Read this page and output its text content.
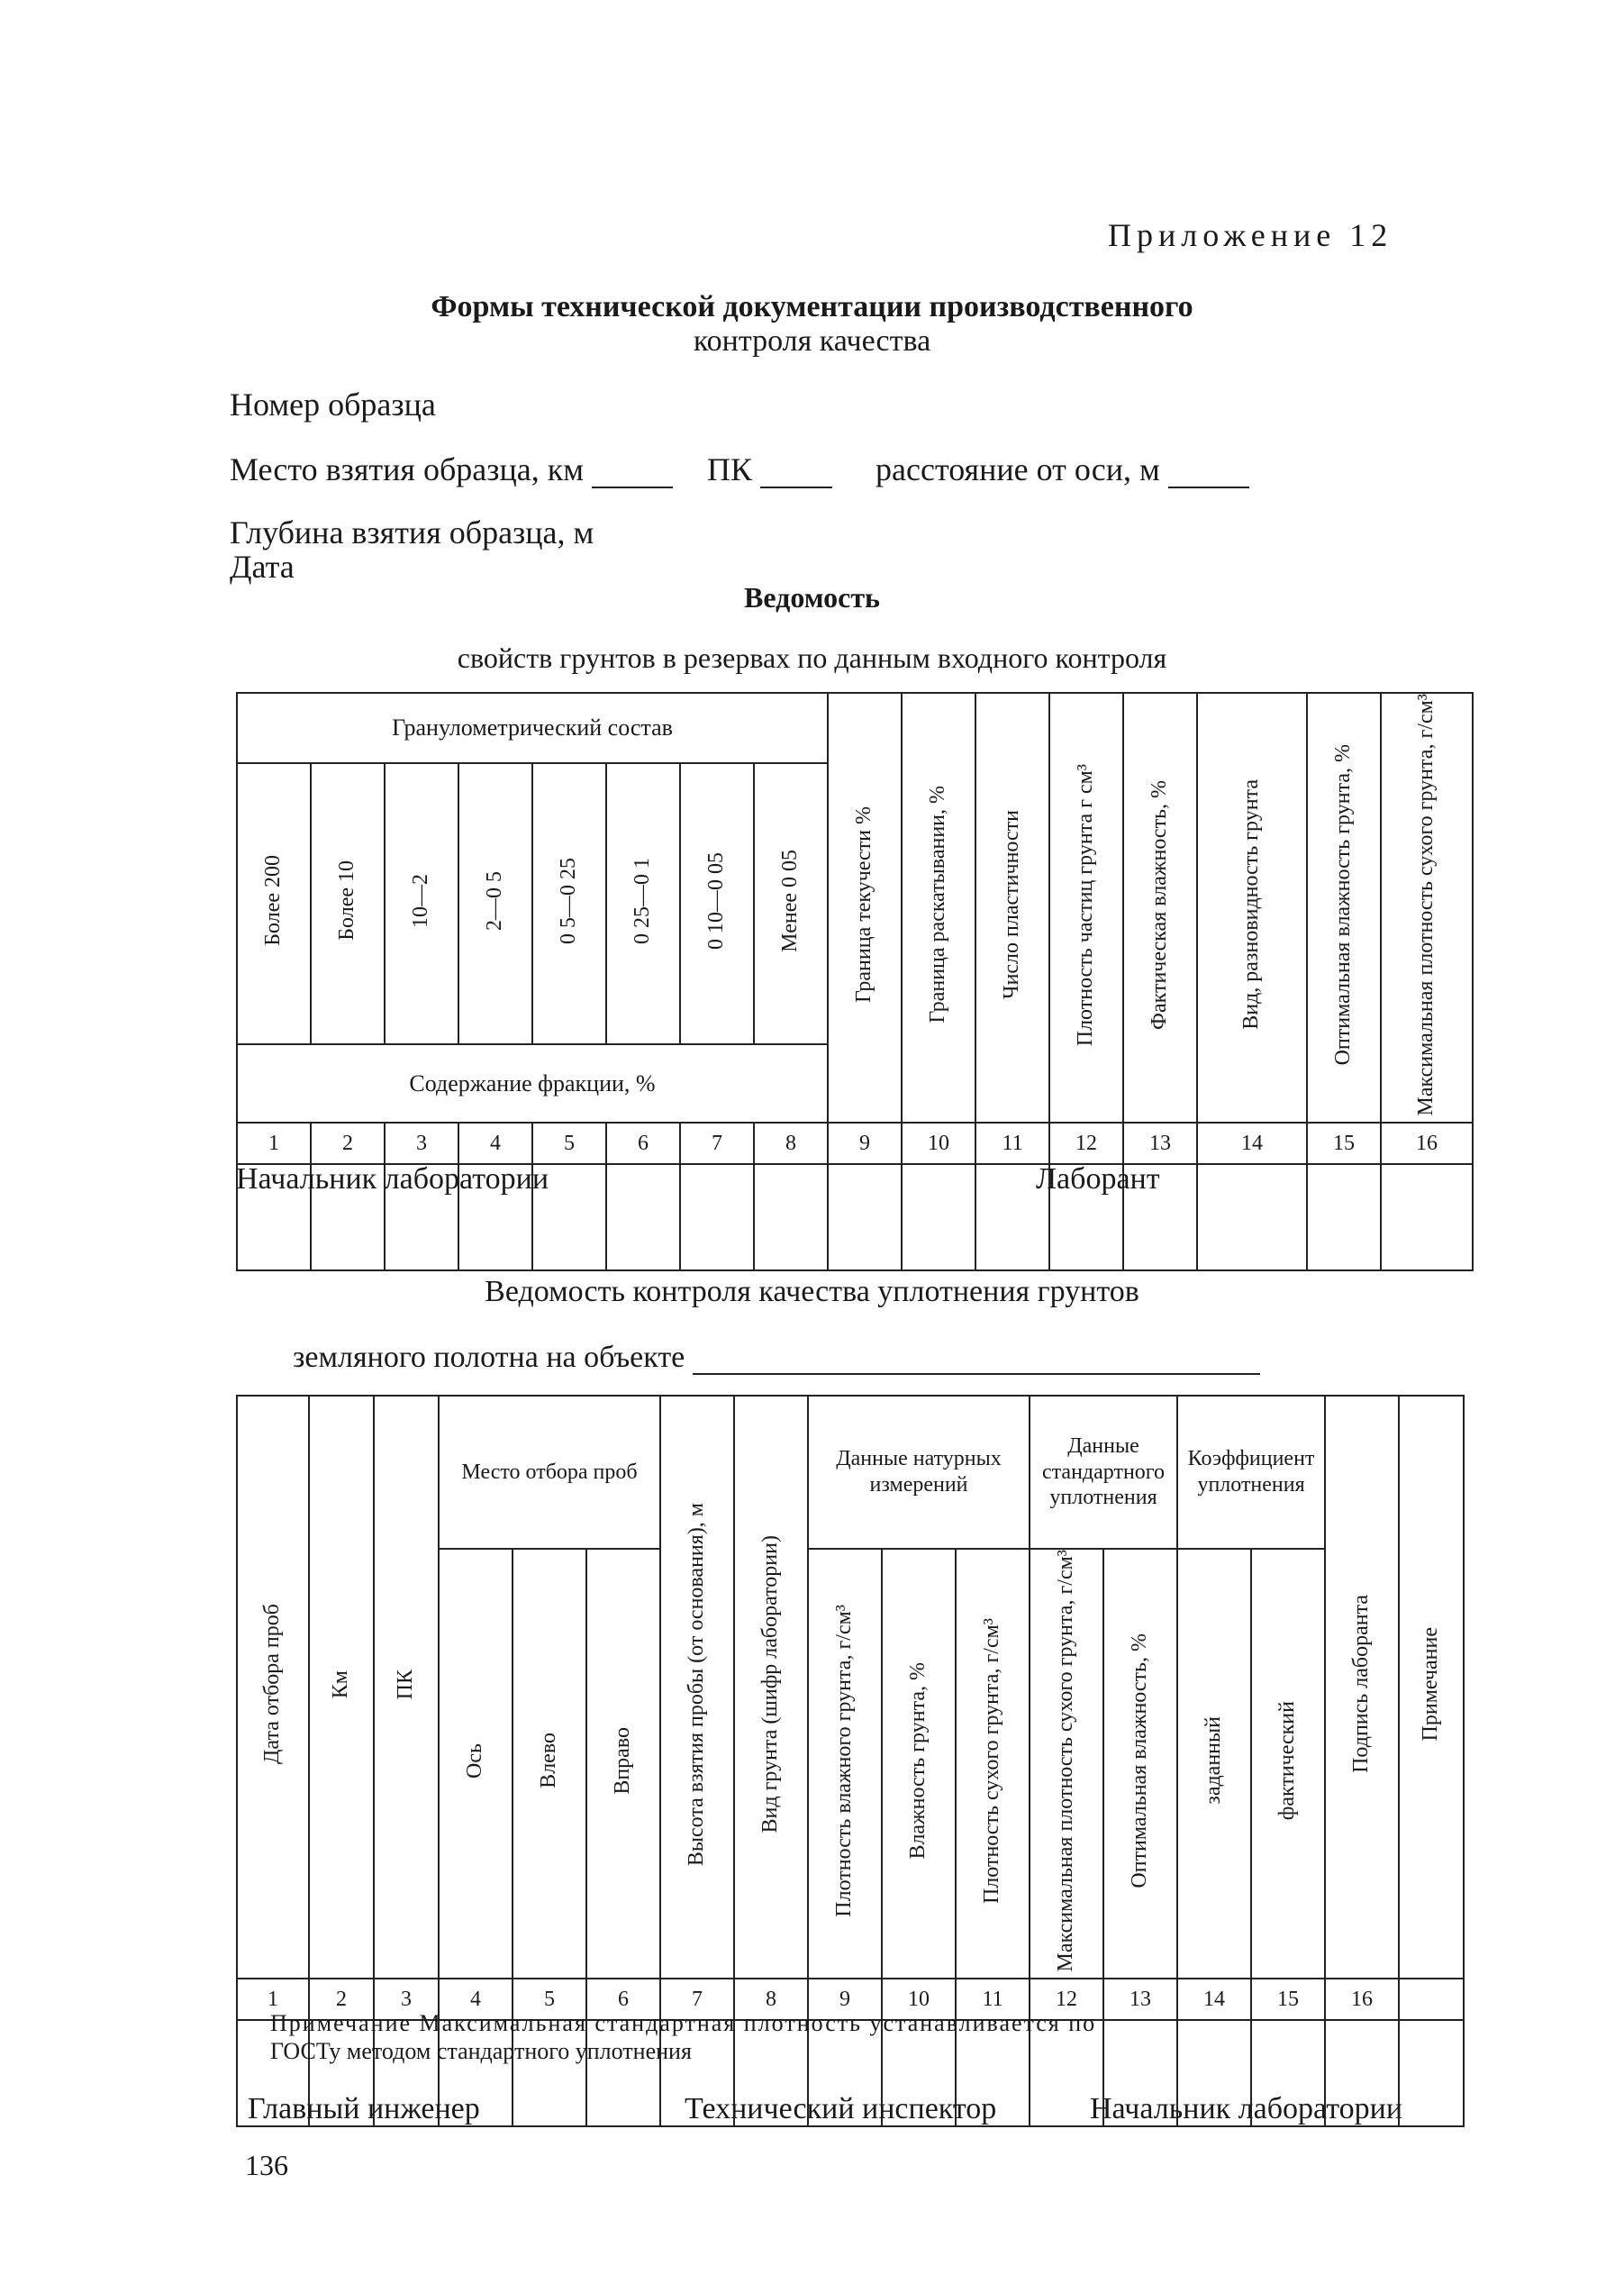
Приложение 12
Формы технической документации производственного
контроля качества
Номер образца
Место взятия образца, км	ПК	расстояние от оси, м
Глубина взятия образца, м
Дата
Ведомость
свойств грунтов в резервах по данным входного контроля
Гранулометрический состав								Граница текучести %	Граница раскатывании, %	Число пластичности	Плотность частиц грунта г см³	Фактическая влажность, %	Вид, разновидность грунта	Оптимальная влажность грунта, %	Максимальная плотность сухого грунта, г/см³
Более 200	Более 10	10—2	2—0 5	0 5—0 25	0 25—0 1	0 10—0 05	Менее 0 05								
Содержание фракции, %															
1	2	3	4	5	6	7	8	9	10	11	12	13	14	15	16

Начальник лаборатории	Лаборант
Ведомость контроля качества уплотнения грунтов
земляного полотна на объекте
Дата отбора проб	Км	ПК	Место отбора проб			Высота взятия пробы (от основания), м	Вид грунта (шифр лаборатории)	Данные натурных измерений			Данные стандартного уплотнения		Коэффициент уплотнения		Подпись лаборанта	Примечание
			Ось	Влево	Вправо			Плотность влажного грунта, г/см³	Влажность грунта, %	Плотность сухого грунта, г/см³	Максимальная плотность сухого грунта, г/см³	Оптимальная влажность, %	заданный	фактический		
1	2	3	4	5	6	7	8	9	10	11	12	13	14	15	16	

Примечание Максимальная стандартная плотность устанавливается по
ГОСТу методом стандартного уплотнения
Главный инженер	Технический инспектор	Начальник лаборатории
136
